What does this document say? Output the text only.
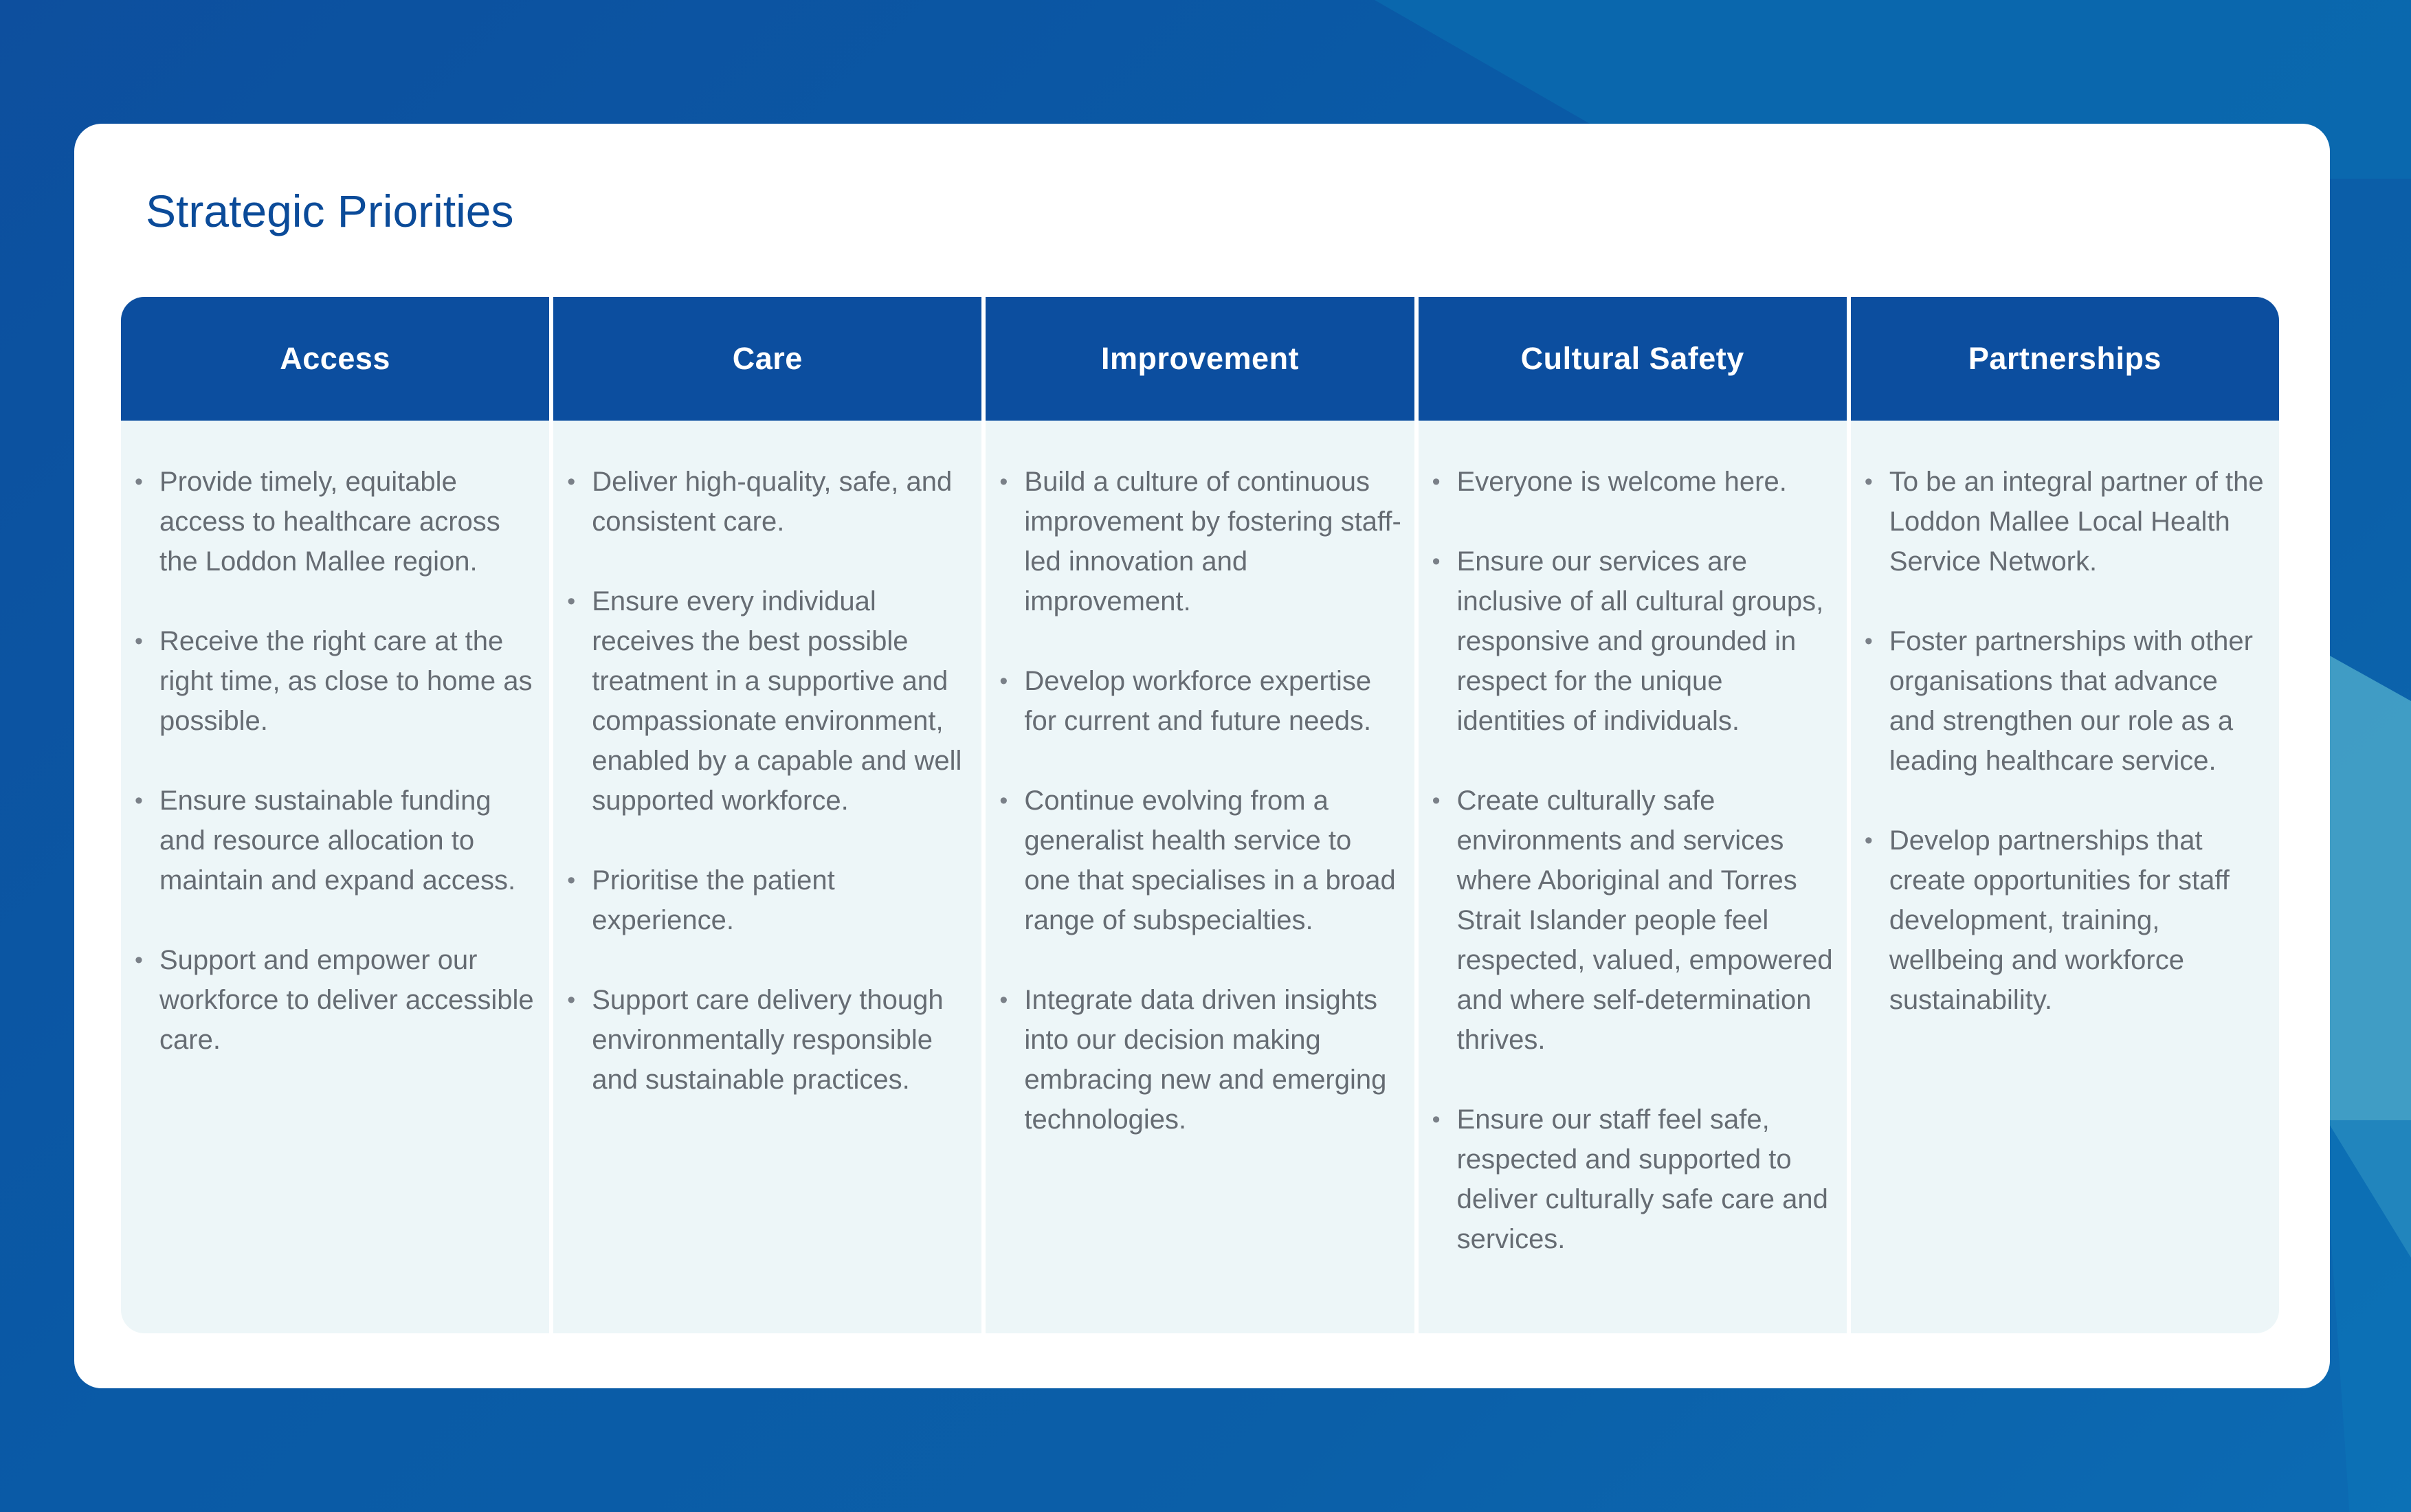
Strategic Priorities
Access
• Provide timely, equitable access to healthcare across the Loddon Mallee region.
• Receive the right care at the right time, as close to home as possible.
• Ensure sustainable funding and resource allocation to maintain and expand access.
• Support and empower our workforce to deliver accessible care.
Care
• Deliver high-quality, safe, and consistent care.
• Ensure every individual receives the best possible treatment in a supportive and compassionate environment, enabled by a capable and well supported workforce.
• Prioritise the patient experience.
• Support care delivery though environmentally responsible and sustainable practices.
Improvement
• Build a culture of continuous improvement by fostering staff-led innovation and improvement.
• Develop workforce expertise for current and future needs.
• Continue evolving from a generalist health service to one that specialises in a broad range of subspecialties.
• Integrate data driven insights into our decision making embracing new and emerging technologies.
Cultural Safety
• Everyone is welcome here.
• Ensure our services are inclusive of all cultural groups, responsive and grounded in respect for the unique identities of individuals.
• Create culturally safe environments and services where Aboriginal and Torres Strait Islander people feel respected, valued, empowered and where self-determination thrives.
• Ensure our staff feel safe, respected and supported to deliver culturally safe care and services.
Partnerships
• To be an integral partner of the Loddon Mallee Local Health Service Network.
• Foster partnerships with other organisations that advance and strengthen our role as a leading healthcare service.
• Develop partnerships that create opportunities for staff development, training, wellbeing and workforce sustainability.
